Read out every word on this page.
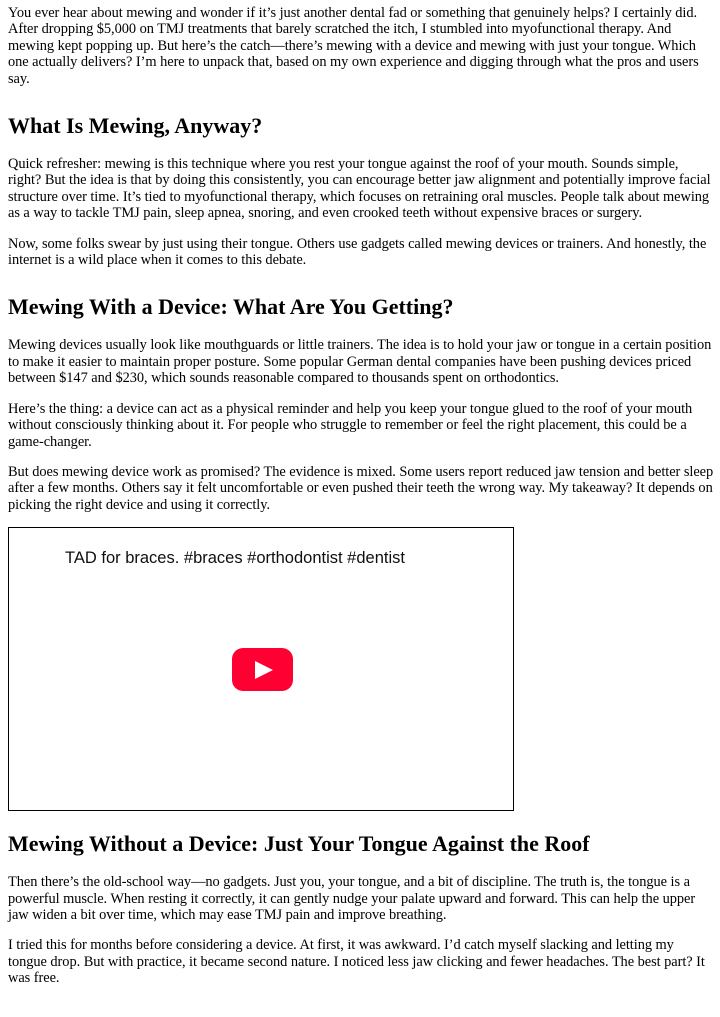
You ever hear about mewing and wonder if it’s just another dental fad or something that genuinely helps? I certainly did. After dropping $5,000 on TMJ treatments that barely scratched the itch, I stumbled into myofunctional therapy. And mewing kept popping up. But here’s the catch—there’s mewing with a device and mewing with just your tongue. Which one actually delivers? I’m here to unpack that, based on my own experience and digging through what the pros and users say.

What Is Mewing, Anyway?

Quick refresher: mewing is this technique where you rest your tongue against the roof of your mouth. Sounds simple, right? But the idea is that by doing this consistently, you can encourage better jaw alignment and potentially improve facial structure over time. It’s tied to myofunctional therapy, which focuses on retraining oral muscles. People talk about mewing as a way to tackle TMJ pain, sleep apnea, snoring, and even crooked teeth without expensive braces or surgery.

Now, some folks swear by just using their tongue. Others use gadgets called mewing devices or trainers. And honestly, the internet is a wild place when it comes to this debate.

Mewing With a Device: What Are You Getting?

Mewing devices usually look like mouthguards or little trainers. The idea is to hold your jaw or tongue in a certain position to make it easier to maintain proper posture. Some popular German dental companies have been pushing devices priced between $147 and $230, which sounds reasonable compared to thousands spent on orthodontics.

Here’s the thing: a device can act as a physical reminder and help you keep your tongue glued to the roof of your mouth without consciously thinking about it. For people who struggle to remember or feel the right placement, this could be a game-changer.

But does mewing device work as promised? The evidence is mixed. Some users report reduced jaw tension and better sleep after a few months. Others say it felt uncomfortable or even pushed their teeth the wrong way. My takeaway? It depends on picking the right device and using it correctly.

TAD for braces. #braces #orthodontist #dentist
Mewing Without a Device: Just Your Tongue Against the Roof

Then there’s the old-school way—no gadgets. Just you, your tongue, and a bit of discipline. The truth is, the tongue is a powerful muscle. When resting it correctly, it can gently nudge your palate upward and forward. This can help the upper jaw widen a bit over time, which may ease TMJ pain and improve breathing.

I tried this for months before considering a device. At first, it was awkward. I’d catch myself slacking and letting my tongue drop. But with practice, it became second nature. I noticed less jaw clicking and fewer headaches. The best part? It was free.
